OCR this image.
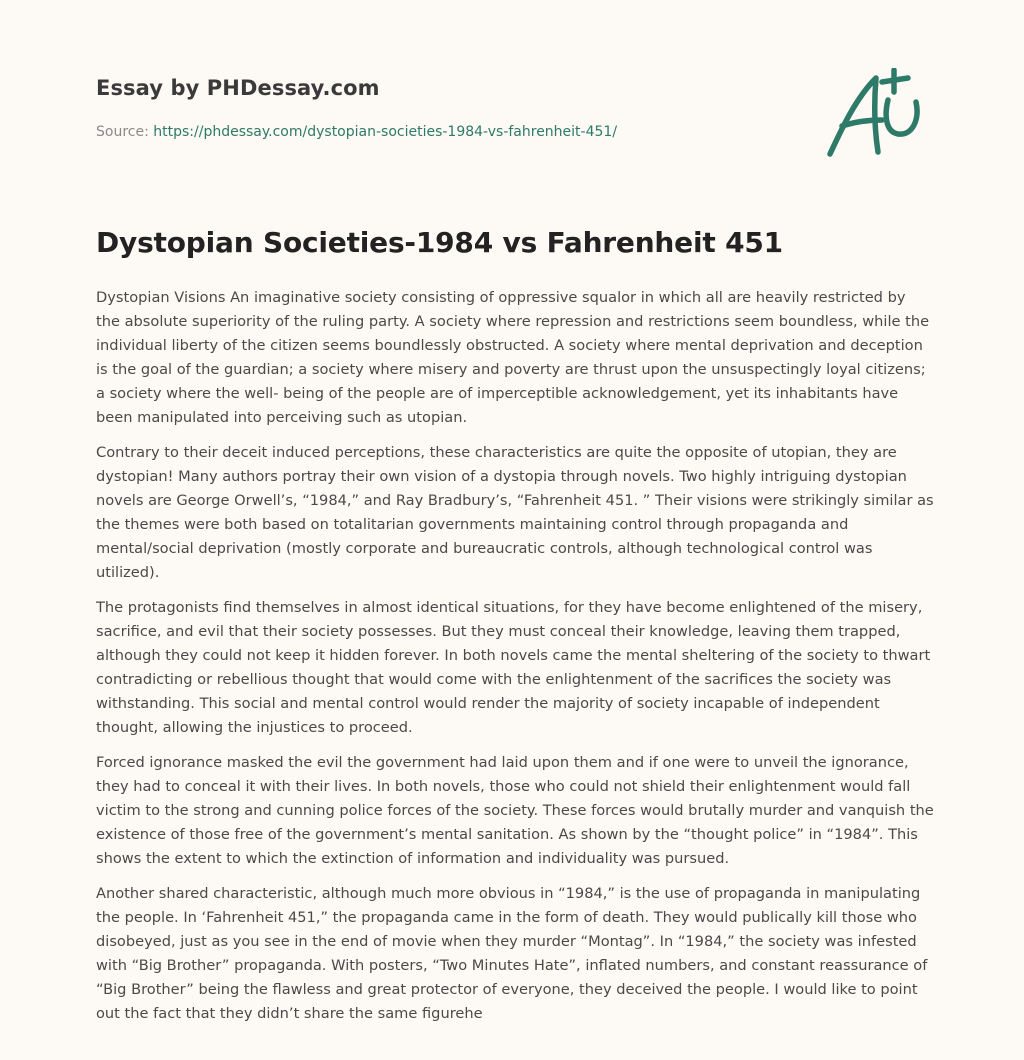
Essay by PHDessay.com
Source: https://phdessay.com/dystopian-societies-1984-vs-fahrenheit-451/
Dystopian Societies-1984 vs Fahrenheit 451

Dystopian Visions An imaginative society consisting of oppressive squalor in which all are heavily restricted by the absolute superiority of the ruling party. A society where repression and restrictions seem boundless, while the individual liberty of the citizen seems boundlessly obstructed. A society where mental deprivation and deception is the goal of the guardian; a society where misery and poverty are thrust upon the unsuspectingly loyal citizens; a society where the well- being of the people are of imperceptible acknowledgement, yet its inhabitants have been manipulated into perceiving such as utopian.

Contrary to their deceit induced perceptions, these characteristics are quite the opposite of utopian, they are dystopian! Many authors portray their own vision of a dystopia through novels. Two highly intriguing dystopian novels are George Orwell’s, “1984,” and Ray Bradbury’s, “Fahrenheit 451. ” Their visions were strikingly similar as the themes were both based on totalitarian governments maintaining control through propaganda and mental/social deprivation (mostly corporate and bureaucratic controls, although technological control was utilized).

The protagonists find themselves in almost identical situations, for they have become enlightened of the misery, sacrifice, and evil that their society possesses. But they must conceal their knowledge, leaving them trapped, although they could not keep it hidden forever. In both novels came the mental sheltering of the society to thwart contradicting or rebellious thought that would come with the enlightenment of the sacrifices the society was withstanding. This social and mental control would render the majority of society incapable of independent thought, allowing the injustices to proceed.

Forced ignorance masked the evil the government had laid upon them and if one were to unveil the ignorance, they had to conceal it with their lives. In both novels, those who could not shield their enlightenment would fall victim to the strong and cunning police forces of the society. These forces would brutally murder and vanquish the existence of those free of the government’s mental sanitation. As shown by the “thought police” in “1984”. This shows the extent to which the extinction of information and individuality was pursued.

Another shared characteristic, although much more obvious in “1984,” is the use of propaganda in manipulating the people. In ‘Fahrenheit 451,” the propaganda came in the form of death. They would publically kill those who disobeyed, just as you see in the end of movie when they murder “Montag”. In “1984,” the society was infested with “Big Brother” propaganda. With posters, “Two Minutes Hate”, inflated numbers, and constant reassurance of “Big Brother” being the flawless and great protector of everyone, they deceived the people. I would like to point out the fact that they didn’t share the same figurehe
